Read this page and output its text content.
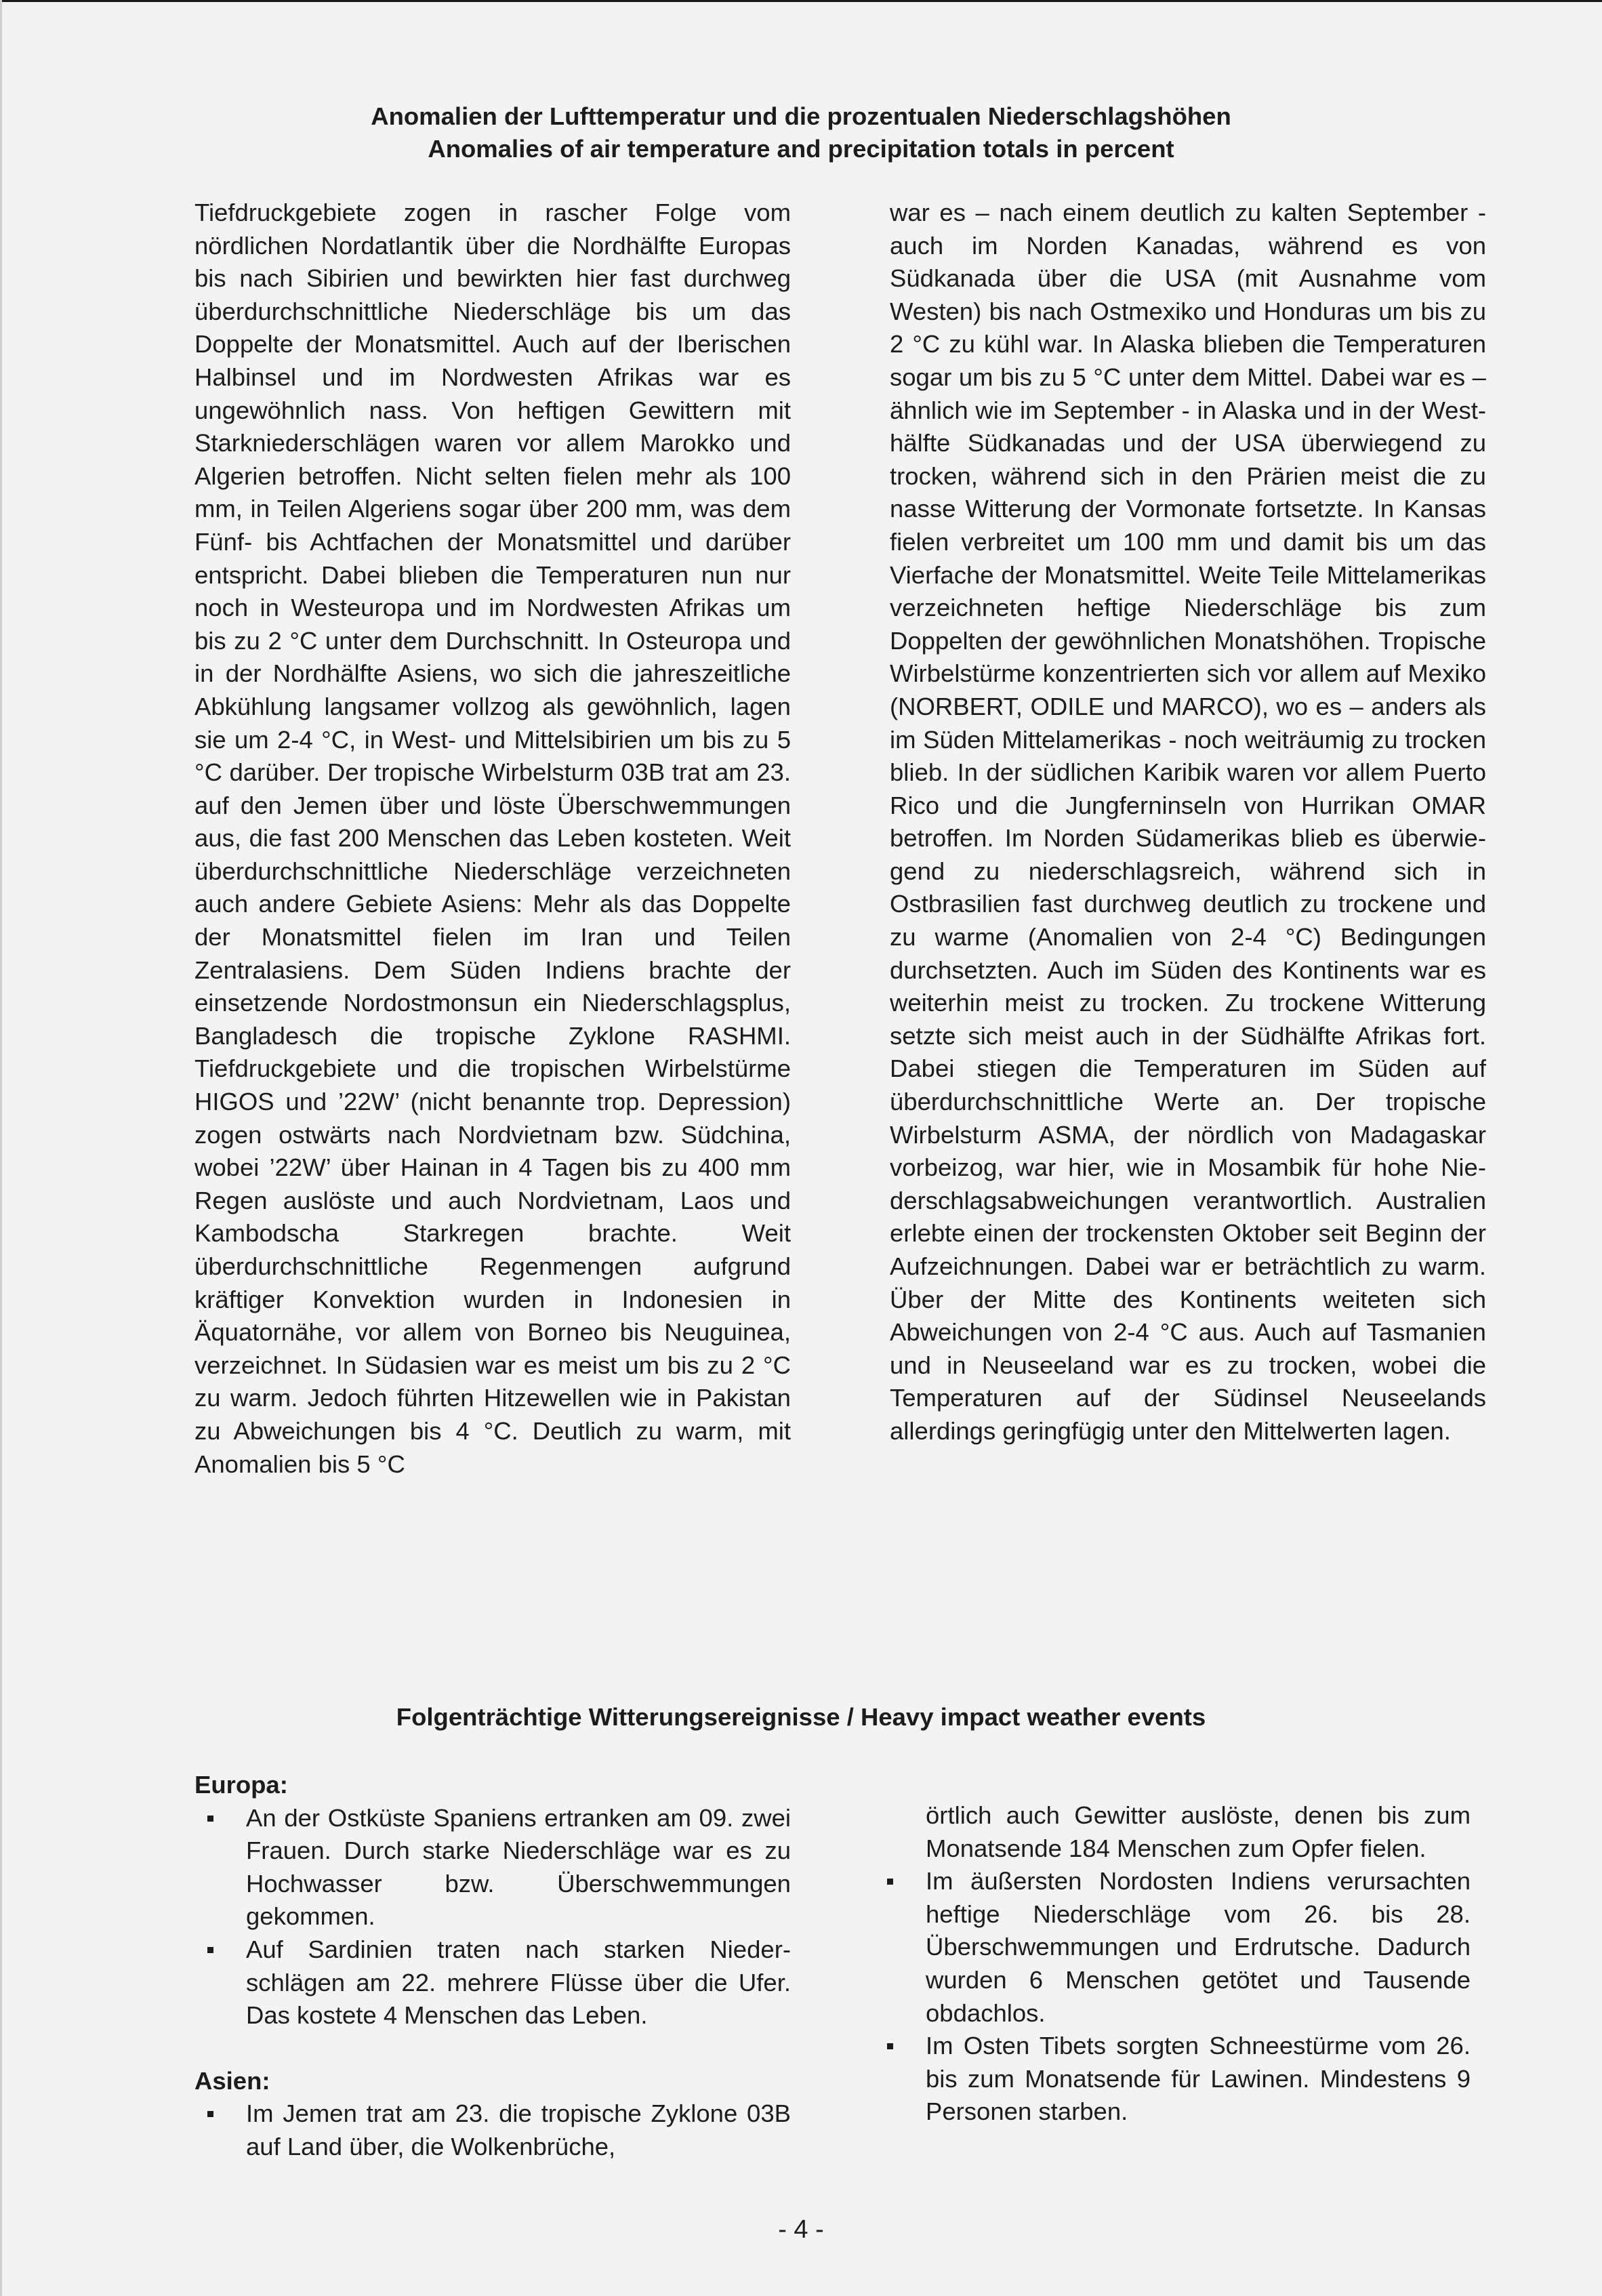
Anomalien der Lufttemperatur und die prozentualen Niederschlagshöhen
Anomalies of air temperature and precipitation totals in percent

Tiefdruckgebiete zogen in rascher Folge vom nördlichen Nordatlantik über die Nordhälfte Europas bis nach Sibirien und bewirkten hier fast durchweg überdurchschnittliche Niederschläge bis um das Doppelte der Monatsmittel. Auch auf der Iberischen Halbinsel und im Nordwesten Afrikas war es ungewöhnlich nass. Von heftigen Gewittern mit Starkniederschlägen waren vor allem Marokko und Algerien betroffen. Nicht selten fielen mehr als 100 mm, in Teilen Algeriens sogar über 200 mm, was dem Fünf- bis Achtfachen der Monatsmittel und darüber entspricht. Dabei blieben die Temperaturen nun nur noch in Westeuropa und im Nordwesten Afrikas um bis zu 2 °C unter dem Durchschnitt. In Osteuropa und in der Nordhälfte Asiens, wo sich die jahreszeitliche Abkühlung langsamer vollzog als gewöhnlich, lagen sie um 2-4 °C, in West- und Mittelsibirien um bis zu 5 °C darüber. Der tropische Wirbelsturm 03B trat am 23. auf den Jemen über und löste Überschwemmungen aus, die fast 200 Menschen das Leben kosteten. Weit überdurchschnittliche Niederschläge verzeichneten auch andere Gebiete Asiens: Mehr als das Doppelte der Monatsmittel fielen im Iran und Teilen Zentralasiens. Dem Süden Indiens brachte der einsetzende Nordostmonsun ein Niederschlagsplus, Bangladesch die tropische Zyklone RASHMI. Tiefdruckgebiete und die tropischen Wirbelstürme HIGOS und ’22W’ (nicht benannte trop. Depression) zogen ostwärts nach Nordvietnam bzw. Südchina, wobei ’22W’ über Hainan in 4 Tagen bis zu 400 mm Regen auslöste und auch Nordvietnam, Laos und Kambodscha Starkregen brachte. Weit überdurchschnittliche Regenmengen aufgrund kräftiger Konvektion wurden in Indonesien in Äquatornähe, vor allem von Borneo bis Neuguinea, verzeichnet. In Südasien war es meist um bis zu 2 °C zu warm. Jedoch führten Hitzewellen wie in Pakistan zu Abweichungen bis 4 °C. Deutlich zu warm, mit Anomalien bis 5 °C

war es – nach einem deutlich zu kalten September - auch im Norden Kanadas, während es von Südkanada über die USA (mit Ausnahme vom Westen) bis nach Ostmexiko und Honduras um bis zu 2 °C zu kühl war. In Alaska blieben die Temperaturen sogar um bis zu 5 °C unter dem Mittel. Dabei war es – ähnlich wie im September - in Alaska und in der Westhälfte Südkanadas und der USA überwiegend zu trocken, während sich in den Prärien meist die zu nasse Witterung der Vormonate fortsetzte. In Kansas fielen verbreitet um 100 mm und damit bis um das Vierfache der Monatsmittel. Weite Teile Mittelamerikas verzeichneten heftige Niederschläge bis zum Doppelten der gewöhnlichen Monatshöhen. Tropische Wirbelstürme konzentrierten sich vor allem auf Mexiko (NORBERT, ODILE und MARCO), wo es – anders als im Süden Mittelamerikas - noch weiträumig zu trocken blieb. In der südlichen Karibik waren vor allem Puerto Rico und die Jungferninseln von Hurrikan OMAR betroffen. Im Norden Südamerikas blieb es überwiegend zu niederschlagsreich, während sich in Ostbrasilien fast durchweg deutlich zu trockene und zu warme (Anomalien von 2-4 °C) Bedingungen durchsetzten. Auch im Süden des Kontinents war es weiterhin meist zu trocken. Zu trockene Witterung setzte sich meist auch in der Südhälfte Afrikas fort. Dabei stiegen die Temperaturen im Süden auf überdurchschnittliche Werte an. Der tropische Wirbelsturm ASMA, der nördlich von Madagaskar vorbeizog, war hier, wie in Mosambik für hohe Niederschlagsabweichungen verantwortlich. Australien erlebte einen der trockensten Oktober seit Beginn der Aufzeichnungen. Dabei war er beträchtlich zu warm. Über der Mitte des Kontinents weiteten sich Abweichungen von 2-4 °C aus. Auch auf Tasmanien und in Neuseeland war es zu trocken, wobei die Temperaturen auf der Südinsel Neuseelands allerdings geringfügig unter den Mittelwerten lagen.

Folgenträchtige Witterungsereignisse / Heavy impact weather events

Europa:

An der Ostküste Spaniens ertranken am 09. zwei Frauen. Durch starke Niederschläge war es zu Hochwasser bzw. Überschwemmungen gekommen.
Auf Sardinien traten nach starken Niederschlägen am 22. mehrere Flüsse über die Ufer. Das kostete 4 Menschen das Leben.

Asien:

Im Jemen trat am 23. die tropische Zyklone 03B auf Land über, die Wolkenbrüche,
örtlich auch Gewitter auslöste, denen bis zum Monatsende 184 Menschen zum Opfer fielen.
Im äußersten Nordosten Indiens verursachten heftige Niederschläge vom 26. bis 28. Überschwemmungen und Erdrutsche. Dadurch wurden 6 Menschen getötet und Tausende obdachlos.
Im Osten Tibets sorgten Schneestürme vom 26. bis zum Monatsende für Lawinen. Mindestens 9 Personen starben.

- 4 -
